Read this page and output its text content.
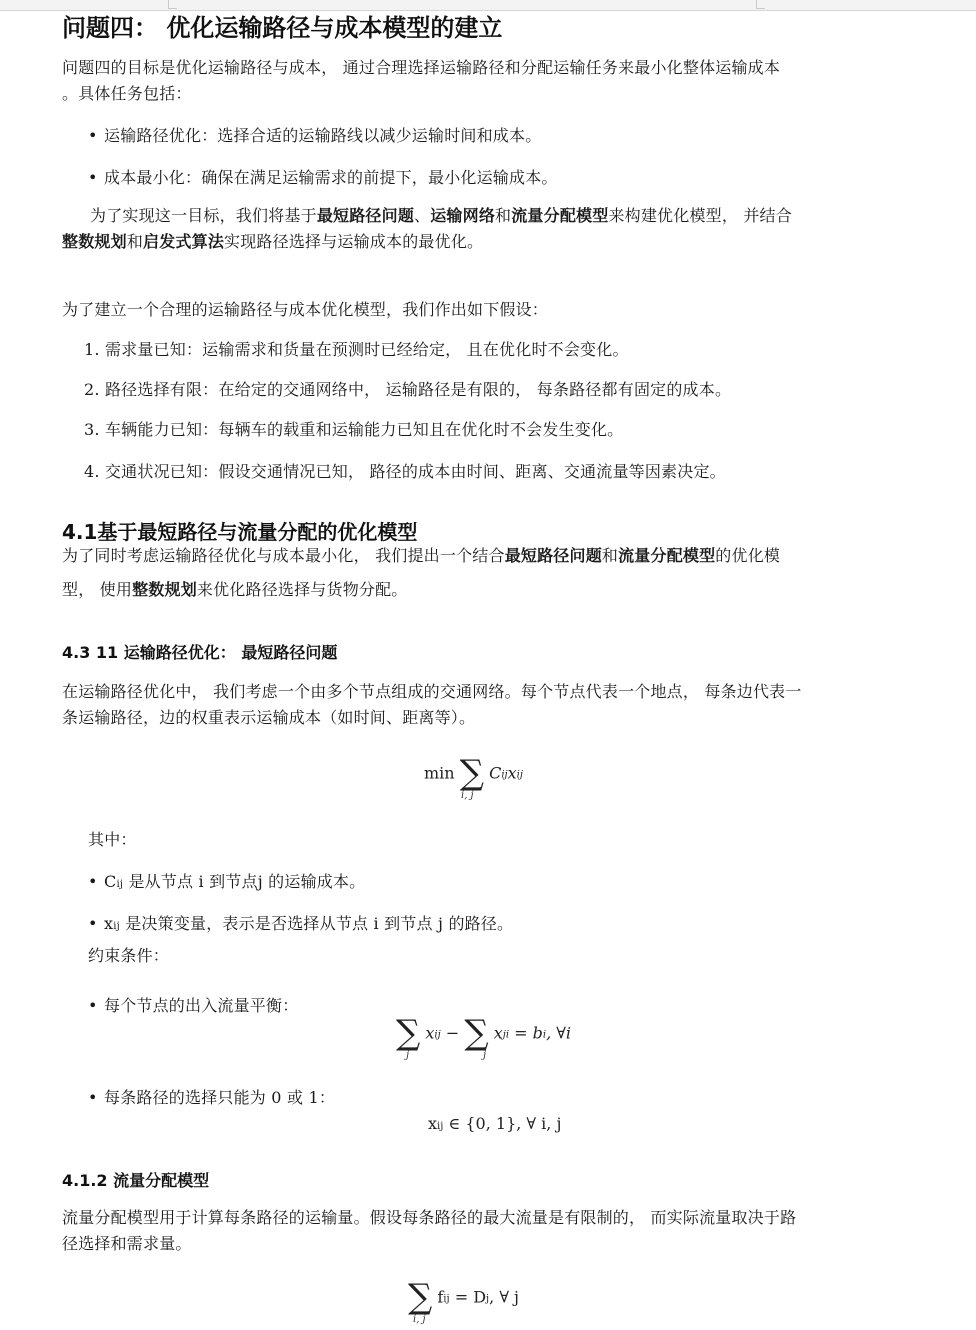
问题四： 优化运输路径与成本模型的建立
问题四的目标是优化运输路径与成本， 通过合理选择运输路径和分配运输任务来最小化整体运输成本
。具体任务包括：
• 运输路径优化：选择合适的运输路线以减少运输时间和成本。
• 成本最小化：确保在满足运输需求的前提下，最小化运输成本。
为了实现这一目标，我们将基于最短路径问题、运输网络和流量分配模型来构建优化模型， 并结合
整数规划和启发式算法实现路径选择与运输成本的最优化。
为了建立一个合理的运输路径与成本优化模型，我们作出如下假设：
1. 需求量已知：运输需求和货量在预测时已经给定， 且在优化时不会变化。
2. 路径选择有限：在给定的交通网络中， 运输路径是有限的， 每条路径都有固定的成本。
3. 车辆能力已知：每辆车的载重和运输能力已知且在优化时不会发生变化。
4. 交通状况已知：假设交通情况已知， 路径的成本由时间、距离、交通流量等因素决定。
4.1基于最短路径与流量分配的优化模型
为了同时考虑运输路径优化与成本最小化， 我们提出一个结合最短路径问题和流量分配模型的优化模
型， 使用整数规划来优化路径选择与货物分配。
4.3 11 运输路径优化： 最短路径问题
在运输路径优化中， 我们考虑一个由多个节点组成的交通网络。每个节点代表一个地点， 每条边代表一
条运输路径，边的权重表示运输成本（如时间、距离等）。
min ∑ Cijxij
i, j
其中：
• Cij 是从节点 i 到节点j 的运输成本。
• xij 是决策变量，表示是否选择从节点 i 到节点 j 的路径。
约束条件：
• 每个节点的出入流量平衡：
∑ xij − ∑ xji = bi, ∀i
j	j
• 每条路径的选择只能为 0 或 1：
xij ∈ {0, 1}, ∀ i, j
4.1.2 流量分配模型
流量分配模型用于计算每条路径的运输量。假设每条路径的最大流量是有限制的， 而实际流量取决于路
径选择和需求量。
∑ fij = Dj, ∀ j
i, j
